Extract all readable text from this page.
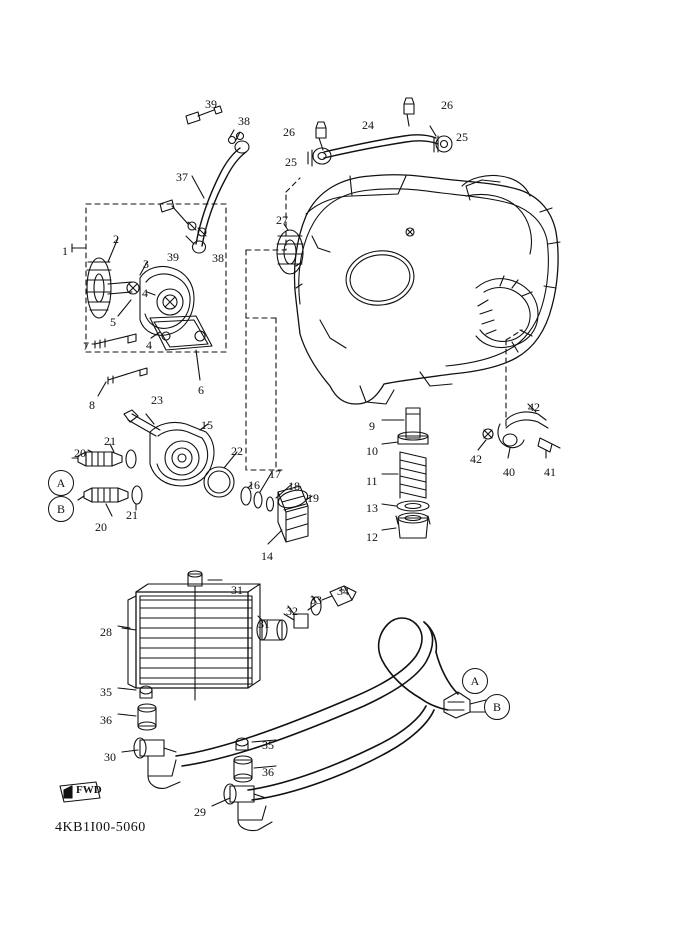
FWD
4KB1I00-5060
A
B
A
B
1
2
3
4
4
5
6
7
8
9
10
11
12
13
14
15
16
17
18
19
20
20
21
21
22
23
24
25
25
26
26
27
28
29
30
31
31
32
33
34
35
35
36
36
37
38
38
39
39
40 41
42
42
